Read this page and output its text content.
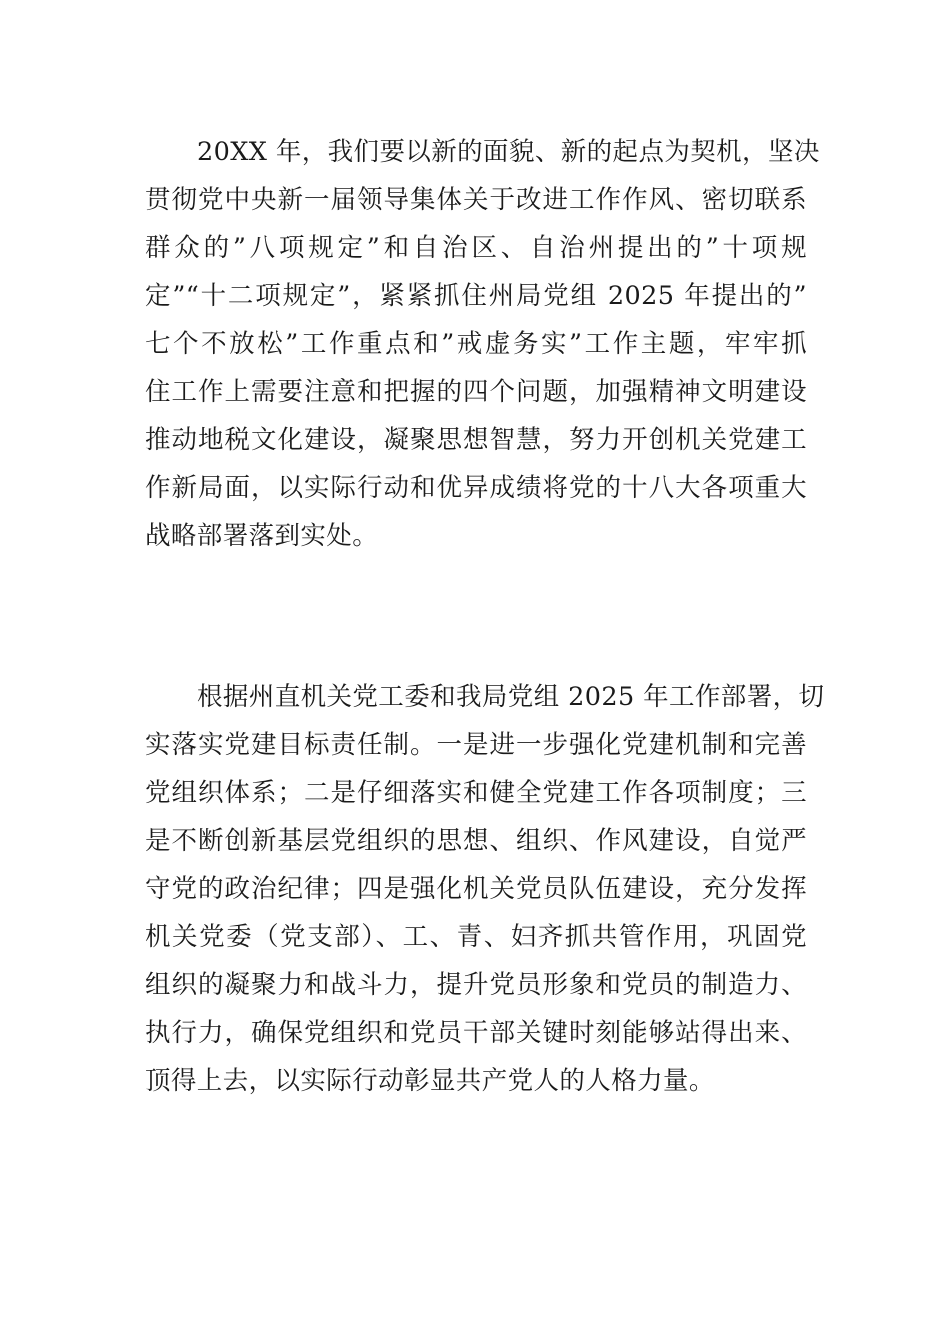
20XX 年，我们要以新的面貌、新的起点为契机，坚决
贯彻党中央新一届领导集体关于改进工作作风、密切联系
群众的”八项规定”和自治区、自治州提出的”十项规
定”“十二项规定”，紧紧抓住州局党组 2025 年提出的”
七个不放松”工作重点和”戒虚务实”工作主题，牢牢抓
住工作上需要注意和把握的四个问题，加强精神文明建设
推动地税文化建设，凝聚思想智慧，努力开创机关党建工
作新局面，以实际行动和优异成绩将党的十八大各项重大
战略部署落到实处。
根据州直机关党工委和我局党组 2025 年工作部署，切
实落实党建目标责任制。一是进一步强化党建机制和完善
党组织体系；二是仔细落实和健全党建工作各项制度；三
是不断创新基层党组织的思想、组织、作风建设，自觉严
守党的政治纪律；四是强化机关党员队伍建设，充分发挥
机关党委（党支部）、工、青、妇齐抓共管作用，巩固党
组织的凝聚力和战斗力，提升党员形象和党员的制造力、
执行力，确保党组织和党员干部关键时刻能够站得出来、
顶得上去，以实际行动彰显共产党人的人格力量。
